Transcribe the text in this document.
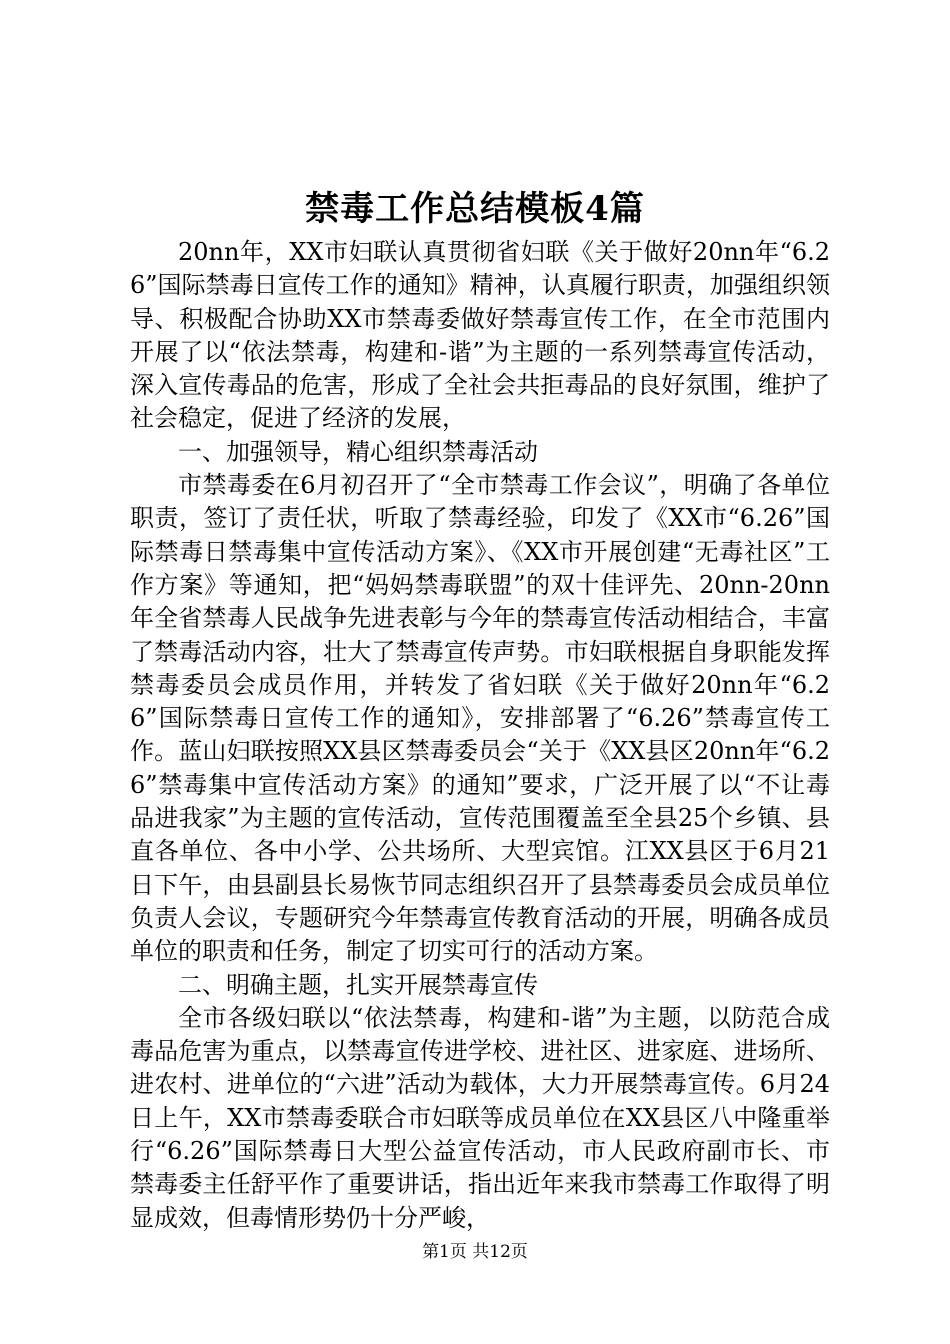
禁毒工作总结模板4篇

20nn年，XX市妇联认真贯彻省妇联《关于做好20nn年“6.26”国际禁毒日宣传工作的通知》精神，认真履行职责，加强组织领导、积极配合协助XX市禁毒委做好禁毒宣传工作，在全市范围内开展了以“依法禁毒，构建和-谐”为主题的一系列禁毒宣传活动，深入宣传毒品的危害，形成了全社会共拒毒品的良好氛围，维护了社会稳定，促进了经济的发展，

一、加强领导，精心组织禁毒活动

市禁毒委在6月初召开了“全市禁毒工作会议”，明确了各单位职责，签订了责任状，听取了禁毒经验，印发了《XX市“6.26”国际禁毒日禁毒集中宣传活动方案》、《XX市开展创建“无毒社区”工作方案》等通知，把“妈妈禁毒联盟”的双十佳评先、20nn-20nn年全省禁毒人民战争先进表彰与今年的禁毒宣传活动相结合，丰富了禁毒活动内容，壮大了禁毒宣传声势。市妇联根据自身职能发挥禁毒委员会成员作用，并转发了省妇联《关于做好20nn年“6.26”国际禁毒日宣传工作的通知》，安排部署了“6.26”禁毒宣传工作。蓝山妇联按照XX县区禁毒委员会“关于《XX县区20nn年“6.26”禁毒集中宣传活动方案》的通知”要求，广泛开展了以“不让毒品进我家”为主题的宣传活动，宣传范围覆盖至全县25个乡镇、县直各单位、各中小学、公共场所、大型宾馆。江XX县区于6月21日下午，由县副县长易恢节同志组织召开了县禁毒委员会成员单位负责人会议，专题研究今年禁毒宣传教育活动的开展，明确各成员单位的职责和任务，制定了切实可行的活动方案。

二、明确主题，扎实开展禁毒宣传

全市各级妇联以“依法禁毒，构建和-谐”为主题，以防范合成毒品危害为重点，以禁毒宣传进学校、进社区、进家庭、进场所、进农村、进单位的“六进”活动为载体，大力开展禁毒宣传。6月24日上午，XX市禁毒委联合市妇联等成员单位在XX县区八中隆重举行“6.26”国际禁毒日大型公益宣传活动，市人民政府副市长、市禁毒委主任舒平作了重要讲话，指出近年来我市禁毒工作取得了明显成效，但毒情形势仍十分严峻，

第1页 共12页
